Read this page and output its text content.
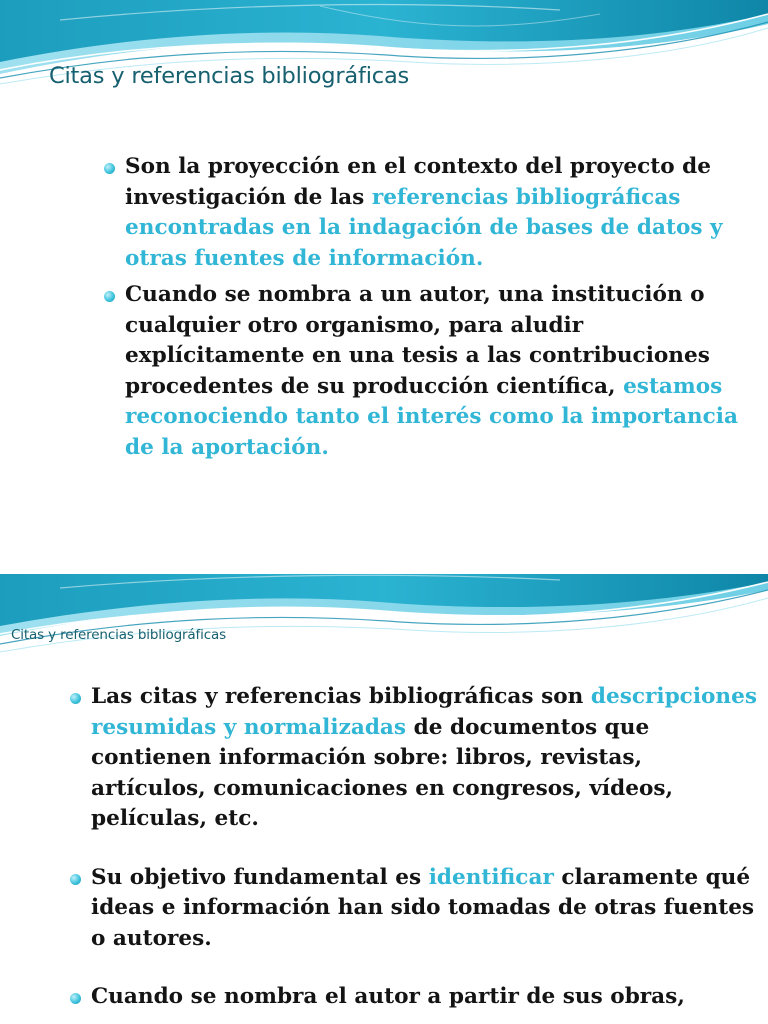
Citas y referencias bibliográficas
Son la proyección en el contexto del proyecto de investigación de las referencias bibliográficas encontradas en la indagación de bases de datos y otras fuentes de información.
Cuando se nombra a un autor, una institución o cualquier otro organismo, para aludir explícitamente en una tesis a las contribuciones procedentes de su producción científica, estamos reconociendo tanto el interés como la importancia de la aportación.
Citas y referencias bibliográficas
Las citas y referencias bibliográficas son descripciones resumidas y normalizadas de documentos que contienen información sobre: libros, revistas, artículos, comunicaciones en congresos, vídeos, películas, etc.
Su objetivo fundamental es identificar claramente qué ideas e información han sido tomadas de otras fuentes o autores.
Cuando se nombra el autor a partir de sus obras,
